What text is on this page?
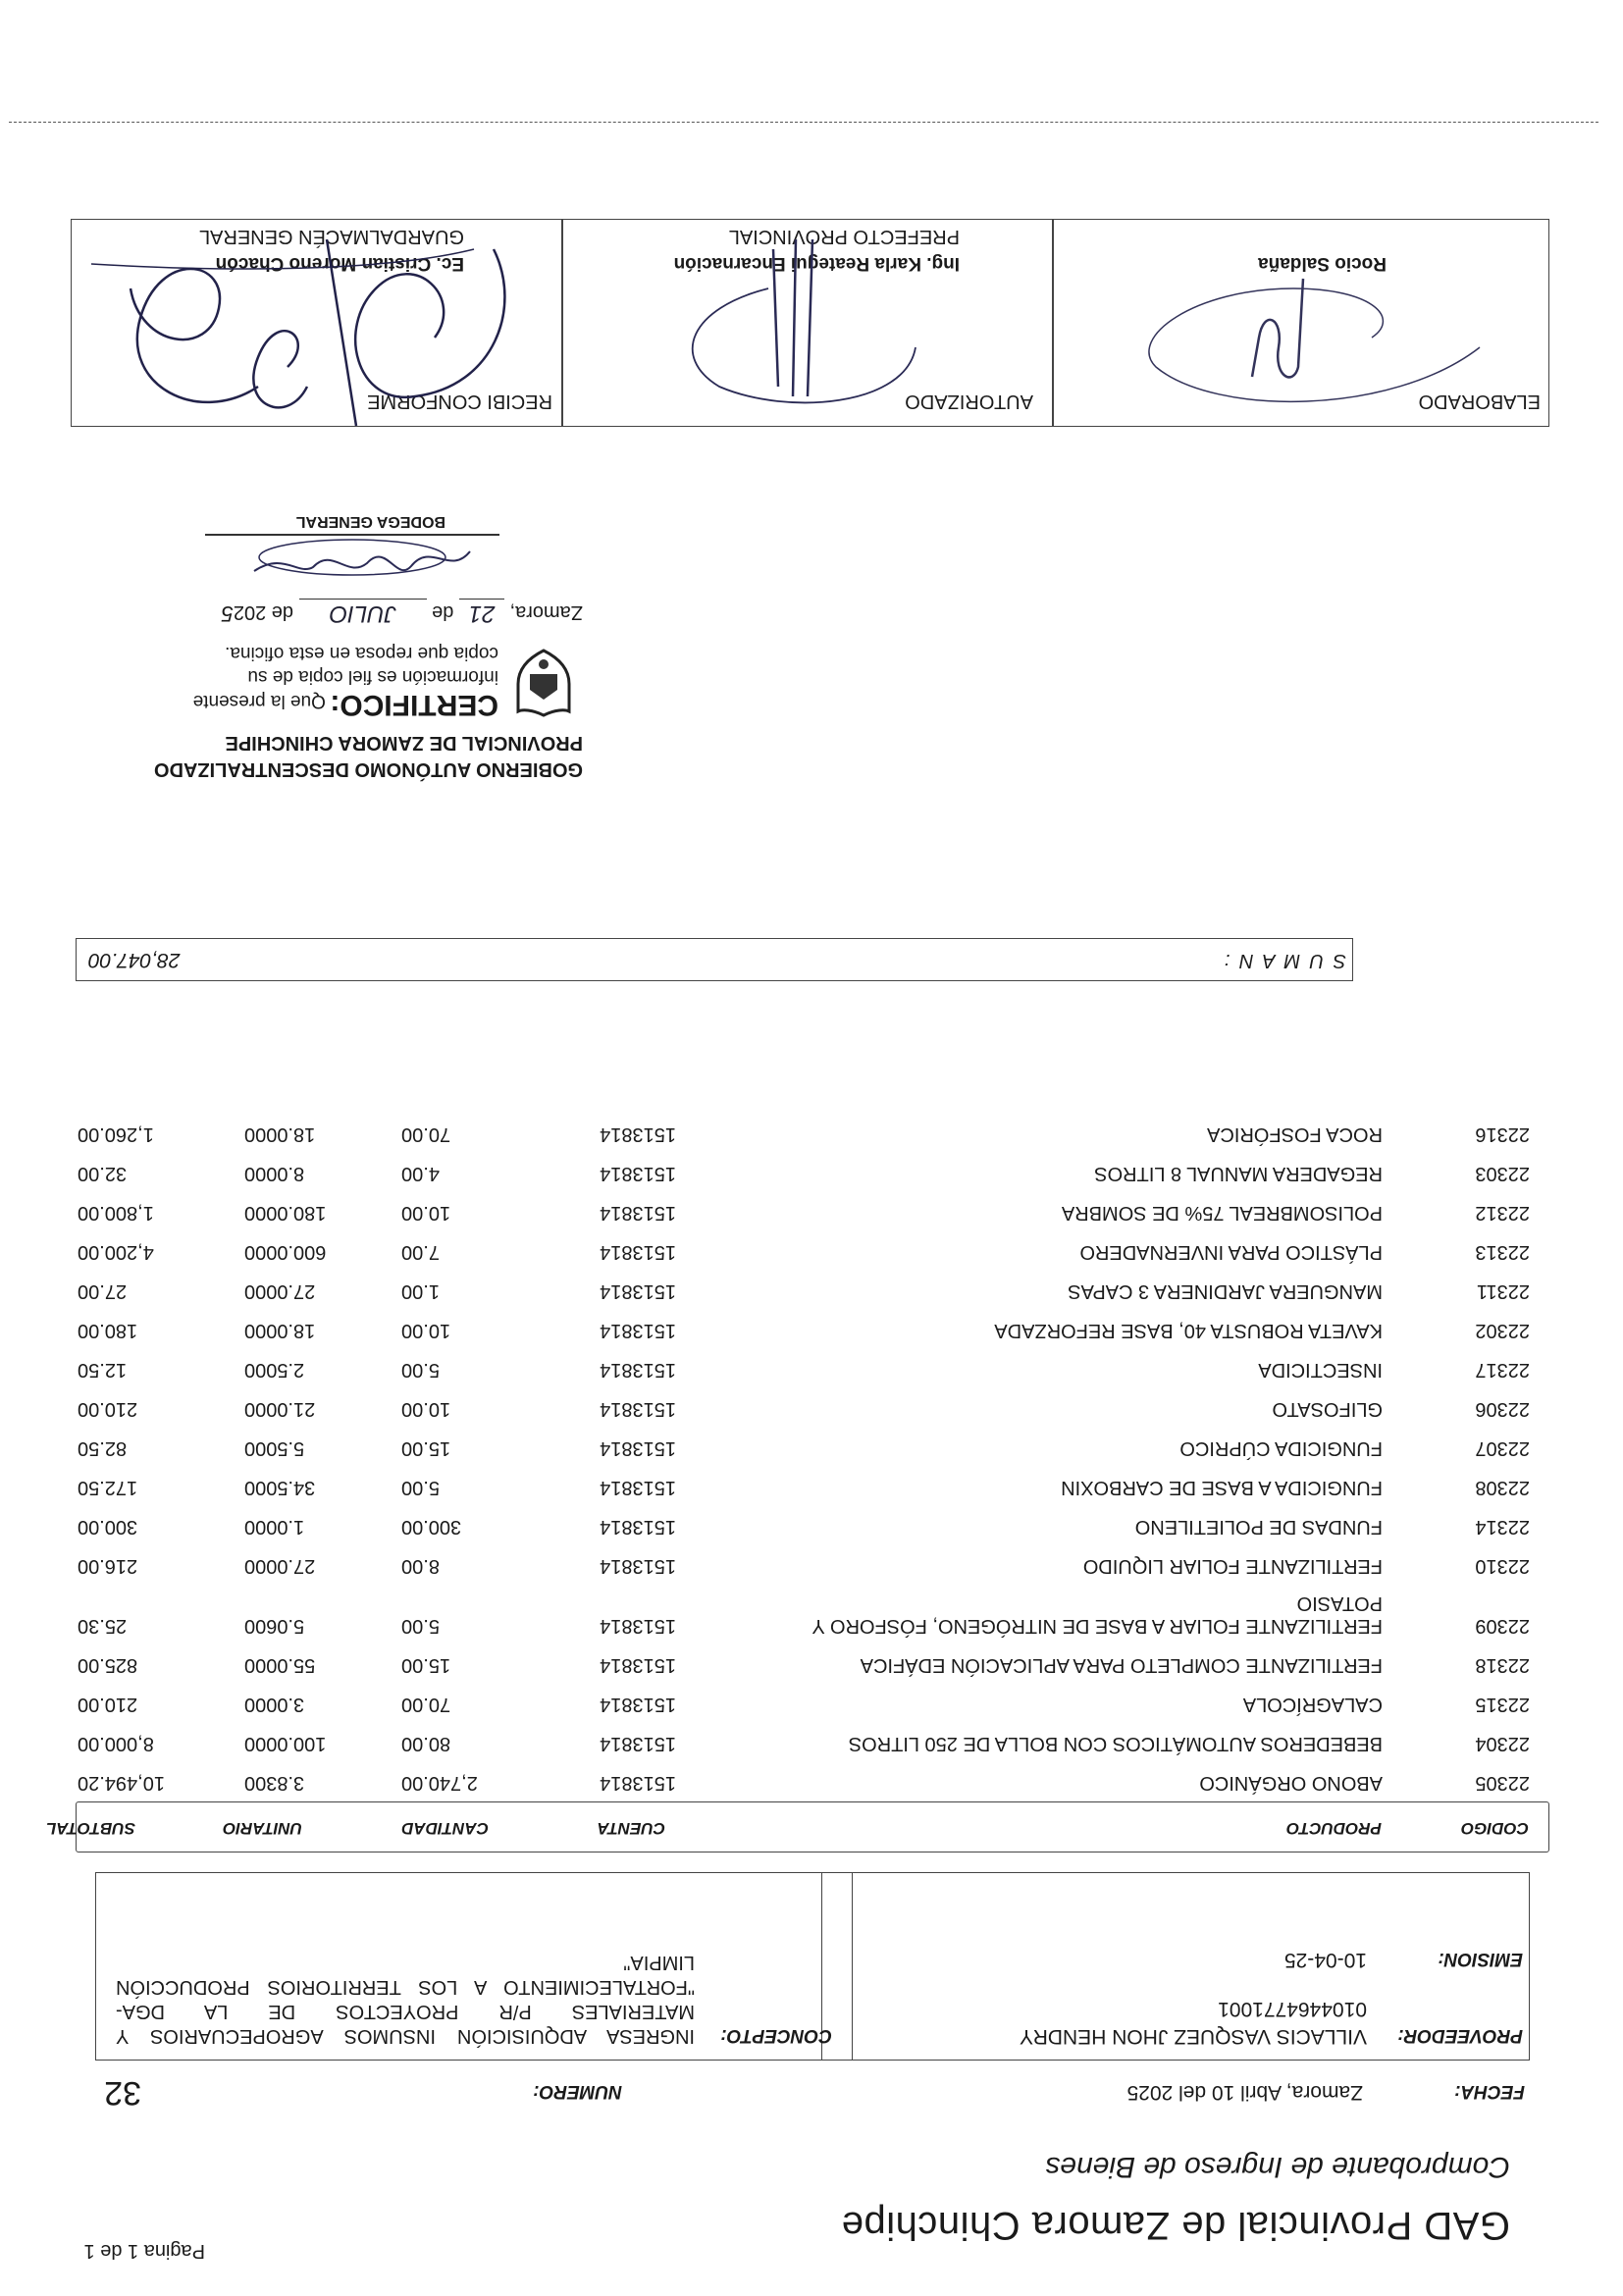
Pagina 1 de 1
GAD Provincial de Zamora Chinchipe
Comprobante de Ingreso de Bienes
FECHA:
Zamora, Abril 10 del 2025
NUMERO:
32
PROVEEDOR:
VILLACIS VASQUEZ JHON HENDRY
0104464771001
EMISION:
10-04-25
CONCEPTO:
INGRESA ADQUISICIÓN INSUMOS AGROPECUARIOS Y MATERIALES P/R PROYECTOS DE LA DGA- "FORTALECIMIENTO A LOS TERRITORIOS PRODUCCIÓN LIMPIA"
CODIGO
PRODUCTO
CUENTA
CANTIDAD
UNITARIO
SUBTOTAL
22305
ABONO ORGÁNICO
1513814
2,740.00
3.8300
10,494.20
22304
BEBEDEROS AUTOMÁTICOS CON BOLLA DE 250 LITROS
1513814
80.00
100.0000
8,000.00
22315
CALAGRÍCOLA
1513814
70.00
3.0000
210.00
22318
FERTILIZANTE COMPLETO PARA APLICACIÓN EDÁFICA
1513814
15.00
55.0000
825.00
22309
FERTILIZANTE FOLIAR A BASE DE NITRÓGENO, FÓSFORO Y POTASIO
1513814
5.00
5.0600
25.30
22310
FERTILIZANTE FOLIAR LIQUIDO
1513814
8.00
27.0000
216.00
22314
FUNDAS DE POLIETILENO
1513814
300.00
1.0000
300.00
22308
FUNGICIDA A BASE DE CARBOXIN
1513814
5.00
34.5000
172.50
22307
FUNGICIDA CÚPRICO
1513814
15.00
5.5000
82.50
22306
GLIFOSATO
1513814
10.00
21.0000
210.00
22317
INSECTICIDA
1513814
5.00
2.5000
12.50
22302
KAVETA ROBUSTA 40, BASE REFORZADA
1513814
10.00
18.0000
180.00
22311
MANGUERA JARDINERA 3 CAPAS
1513814
1.00
27.0000
27.00
22313
PLÁSTICO PARA INVERNADERO
1513814
7.00
600.0000
4,200.00
22312
POLISOMBREAL 75% DE SOMBRA
1513814
10.00
180.0000
1,800.00
22303
REGADERA MANUAL 8 LITROS
1513814
4.00
8.0000
32.00
22316
ROCA FOSFÓRICA
1513814
70.00
18.0000
1,260.00
S U M A N :
28,047.00
GOBIERNO AUTÓNOMO DESCENTRALIZADO
PROVINCIAL DE ZAMORA CHINCHIPE
CERTIFICO: Que la presente
información es fiel copia de su
copia que reposa en esta oficina.
Zamora, 21 de JULIO de 2025
BODEGA GENERAL
ELABORADO
Rocio Saldaña
AUTORIZADO
Ing. Karla Reategui Encarnación
PREFECTO PROVINCIAL
RECIBI CONFORME
Ec. Cristian Moreno Chacón
GUARDALMACÉN GENERAL
